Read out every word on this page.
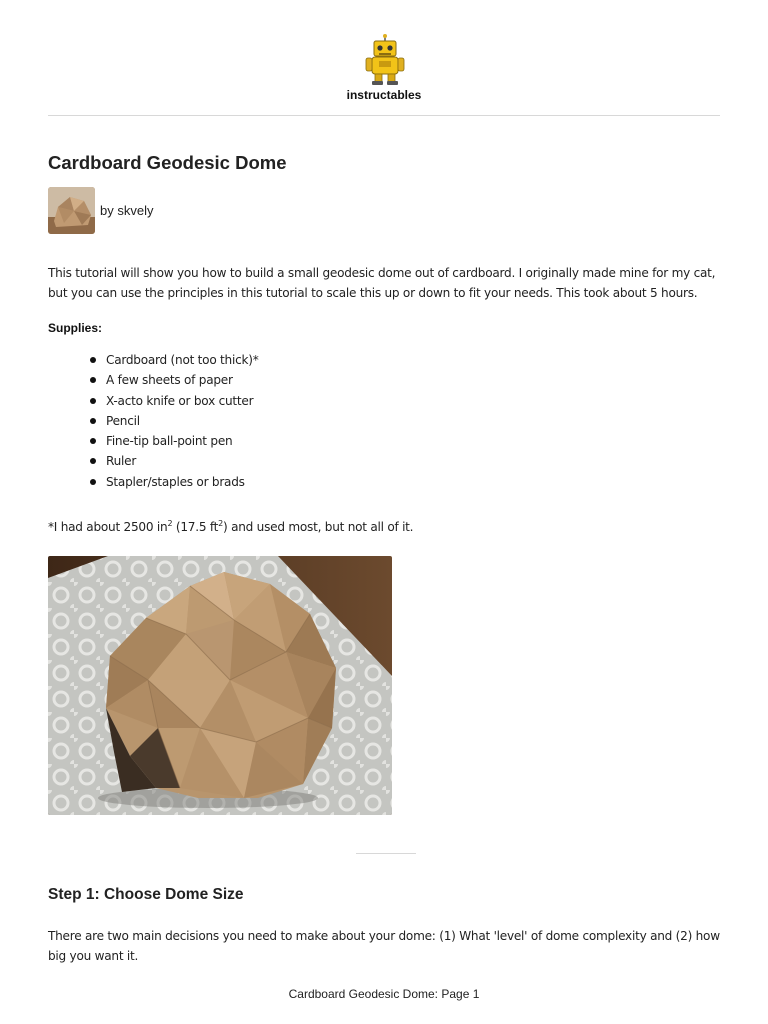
instructables
Cardboard Geodesic Dome
by skvely

This tutorial will show you how to build a small geodesic dome out of cardboard. I originally made mine for my cat, but you can use the principles in this tutorial to scale this up or down to fit your needs. This took about 5 hours.

Supplies:
Cardboard (not too thick)*
A few sheets of paper
X-acto knife or box cutter
Pencil
Fine-tip ball-point pen
Ruler
Stapler/staples or brads

*I had about 2500 $in^2$ (17.5 $ft^2$) and used most, but not all of it.

Step 1: Choose Dome Size

There are two main decisions you need to make about your dome: (1) What 'level' of dome complexity and (2) how big you want it.

Cardboard Geodesic Dome: Page 1
